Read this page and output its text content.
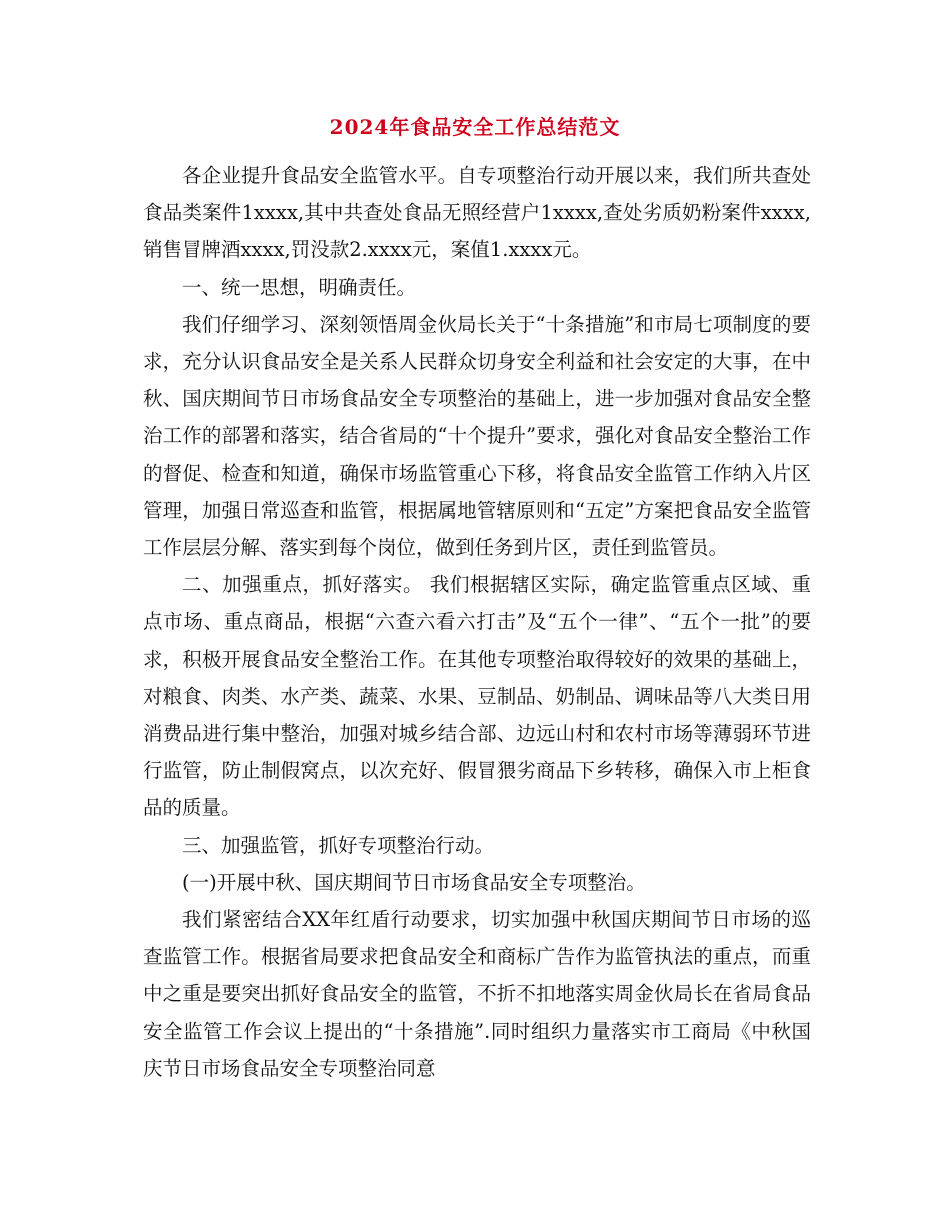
2024年食品安全工作总结范文

各企业提升食品安全监管水平。自专项整治行动开展以来，我们所共查处食品类案件1xxxx,其中共查处食品无照经营户1xxxx,查处劣质奶粉案件xxxx,销售冒牌酒xxxx,罚没款2.xxxx元，案值1.xxxx元。

一、统一思想，明确责任。

我们仔细学习、深刻领悟周金伙局长关于“十条措施”和市局七项制度的要求，充分认识食品安全是关系人民群众切身安全利益和社会安定的大事，在中秋、国庆期间节日市场食品安全专项整治的基础上，进一步加强对食品安全整治工作的部署和落实，结合省局的“十个提升”要求，强化对食品安全整治工作的督促、检查和知道，确保市场监管重心下移，将食品安全监管工作纳入片区管理，加强日常巡查和监管，根据属地管辖原则和“五定”方案把食品安全监管工作层层分解、落实到每个岗位，做到任务到片区，责任到监管员。

二、加强重点，抓好落实。 我们根据辖区实际，确定监管重点区域、重点市场、重点商品，根据“六查六看六打击”及“五个一律”、“五个一批”的要求，积极开展食品安全整治工作。在其他专项整治取得较好的效果的基础上，对粮食、肉类、水产类、蔬菜、水果、豆制品、奶制品、调味品等八大类日用消费品进行集中整治，加强对城乡结合部、边远山村和农村市场等薄弱环节进行监管，防止制假窝点，以次充好、假冒猥劣商品下乡转移，确保入市上柜食品的质量。

三、加强监管，抓好专项整治行动。

(一)开展中秋、国庆期间节日市场食品安全专项整治。

我们紧密结合XX年红盾行动要求，切实加强中秋国庆期间节日市场的巡查监管工作。根据省局要求把食品安全和商标广告作为监管执法的重点，而重中之重是要突出抓好食品安全的监管，不折不扣地落实周金伙局长在省局食品安全监管工作会议上提出的“十条措施”.同时组织力量落实市工商局《中秋国庆节日市场食品安全专项整治同意
